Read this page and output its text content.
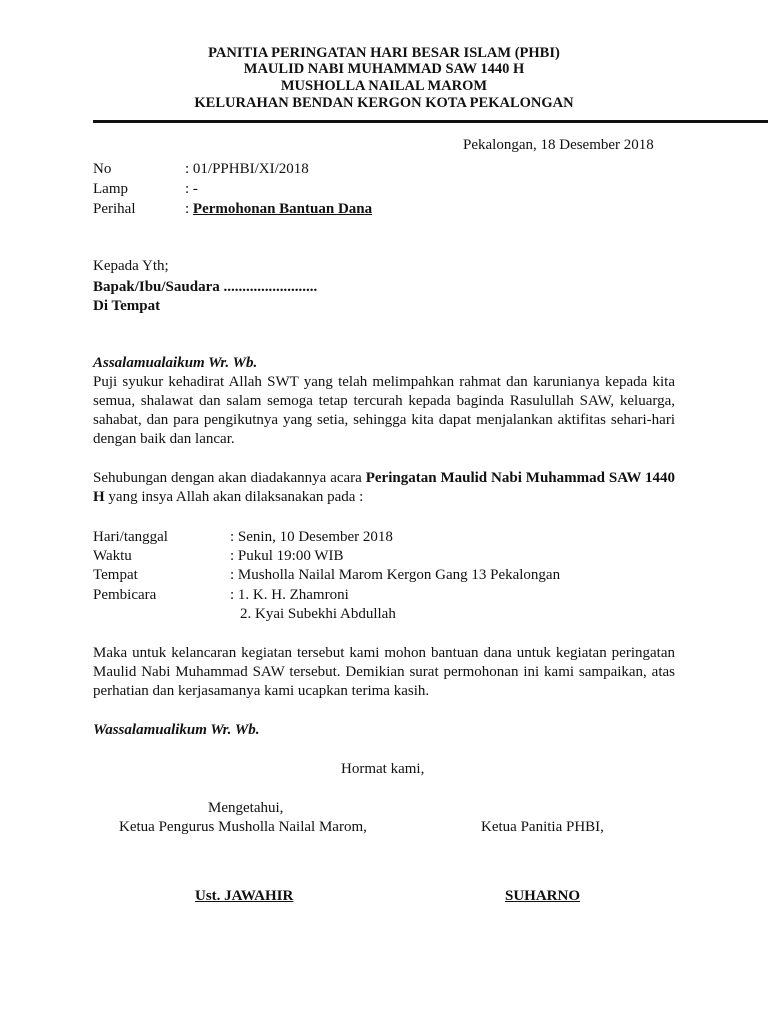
PANITIA PERINGATAN HARI BESAR ISLAM (PHBI)
MAULID NABI MUHAMMAD SAW 1440 H
MUSHOLLA NAILAL MAROM
KELURAHAN BENDAN KERGON KOTA PEKALONGAN
Pekalongan, 18 Desember 2018
No	: 01/PPHBI/XI/2018
Lamp	: -
Perihal	: Permohonan Bantuan Dana
Kepada Yth;
Bapak/Ibu/Saudara .........................
Di Tempat
Assalamualaikum Wr. Wb.
Puji syukur kehadirat Allah SWT yang telah melimpahkan rahmat dan karunianya kepada kita semua, shalawat dan salam semoga tetap tercurah kepada baginda Rasulullah SAW, keluarga, sahabat, dan para pengikutnya yang setia, sehingga kita dapat menjalankan aktifitas sehari-hari dengan baik dan lancar.
Sehubungan dengan akan diadakannya acara Peringatan Maulid Nabi Muhammad SAW 1440 H yang insya Allah akan dilaksanakan pada :
Hari/tanggal	: Senin, 10 Desember 2018
Waktu	: Pukul 19:00 WIB
Tempat	: Musholla Nailal Marom Kergon Gang 13 Pekalongan
Pembicara	: 1. K. H. Zhamroni
2. Kyai Subekhi Abdullah
Maka untuk kelancaran kegiatan tersebut kami mohon bantuan dana untuk kegiatan peringatan Maulid Nabi Muhammad SAW tersebut. Demikian surat permohonan ini kami sampaikan, atas perhatian dan kerjasamanya kami ucapkan terima kasih.
Wassalamualikum Wr. Wb.
Hormat kami,
Mengetahui,
Ketua Pengurus Musholla Nailal Marom,	Ketua Panitia PHBI,
Ust. JAWAHIR	SUHARNO
